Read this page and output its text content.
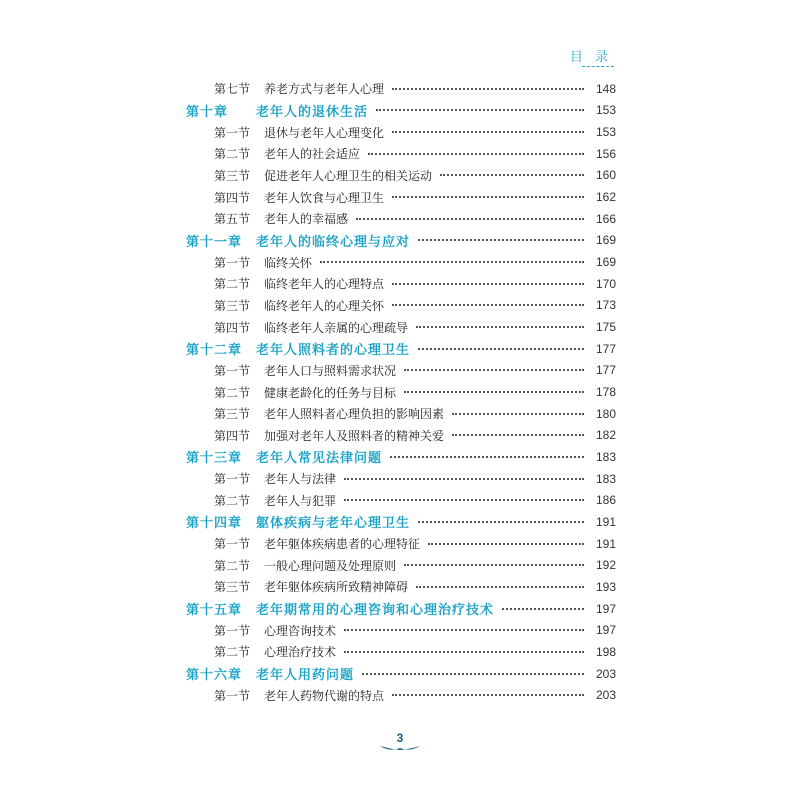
目 录
第七节	养老方式与老年人心理	148
第十章	老年人的退休生活	153
第一节	退休与老年人心理变化	153
第二节	老年人的社会适应	156
第三节	促进老年人心理卫生的相关运动	160
第四节	老年人饮食与心理卫生	162
第五节	老年人的幸福感	166
第十一章	老年人的临终心理与应对	169
第一节	临终关怀	169
第二节	临终老年人的心理特点	170
第三节	临终老年人的心理关怀	173
第四节	临终老年人亲属的心理疏导	175
第十二章	老年人照料者的心理卫生	177
第一节	老年人口与照料需求状况	177
第二节	健康老龄化的任务与目标	178
第三节	老年人照料者心理负担的影响因素	180
第四节	加强对老年人及照料者的精神关爱	182
第十三章	老年人常见法律问题	183
第一节	老年人与法律	183
第二节	老年人与犯罪	186
第十四章	躯体疾病与老年心理卫生	191
第一节	老年躯体疾病患者的心理特征	191
第二节	一般心理问题及处理原则	192
第三节	老年躯体疾病所致精神障碍	193
第十五章	老年期常用的心理咨询和心理治疗技术	197
第一节	心理咨询技术	197
第二节	心理治疗技术	198
第十六章	老年人用药问题	203
第一节	老年人药物代谢的特点	203
3
